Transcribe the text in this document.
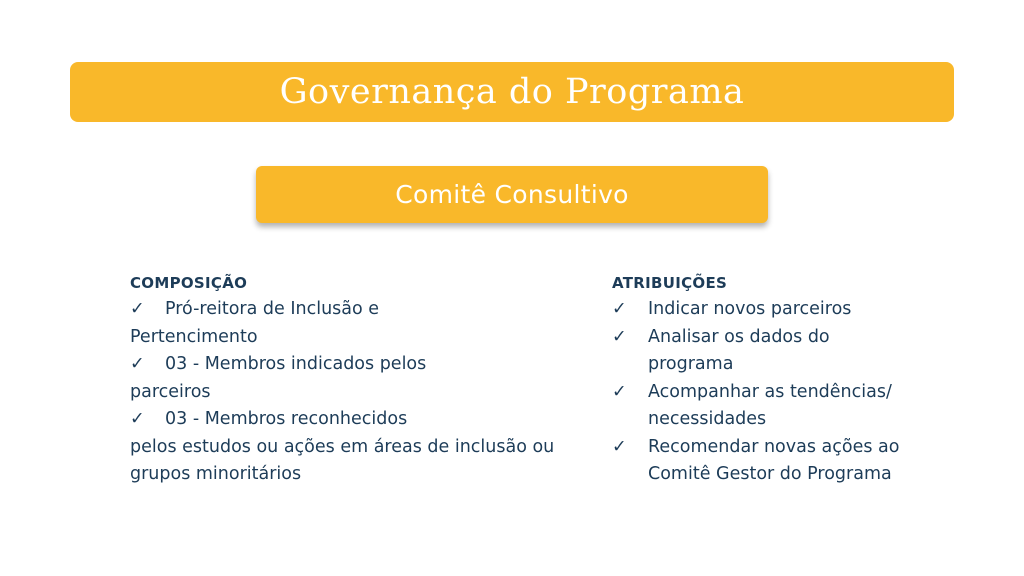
Governança do Programa
Comitê Consultivo
COMPOSIÇÃO
✓ Pró-reitora de Inclusão e
Pertencimento
✓ 03 - Membros indicados pelos
parceiros
✓ 03 - Membros reconhecidos
pelos estudos ou ações em áreas de inclusão ou grupos minoritários
ATRIBUIÇÕES
✓	Indicar novos parceiros
✓	Analisar os dados do programa
✓	Acompanhar as tendências/ necessidades
✓	Recomendar novas ações ao Comitê Gestor do Programa
